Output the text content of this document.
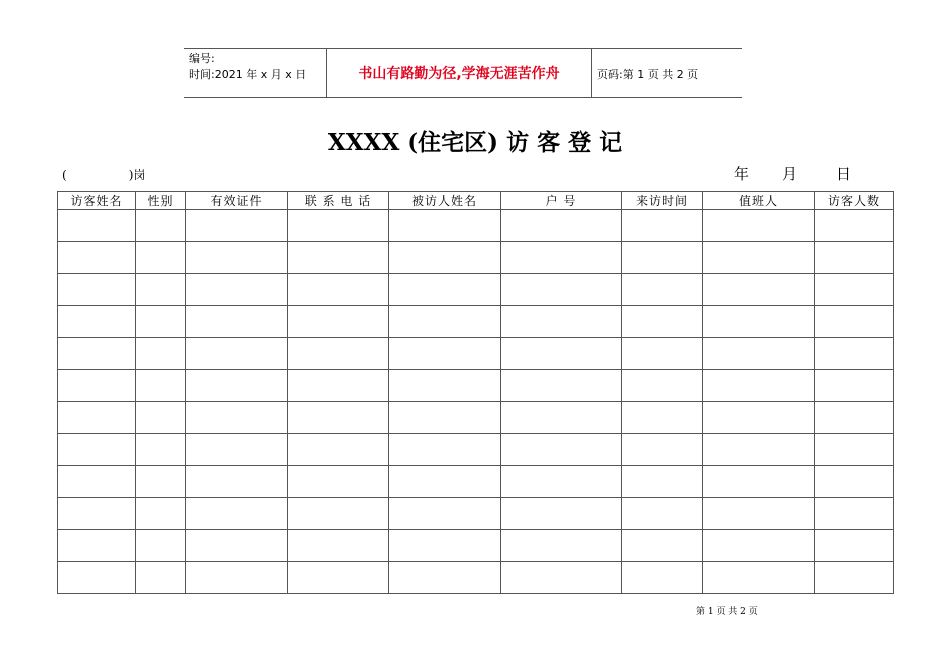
编号:
时间:2021 年 x 月 x 日	书山有路勤为径,学海无涯苦作舟	页码:第 1 页 共 2 页
XXXX (住宅区) 访 客 登 记
(	)岗	年 月	日
访客姓名	性别	有效证件	联 系 电 话	被访人姓名	户 号	来访时间	值班人	访客人数

第 1 页 共 2 页
